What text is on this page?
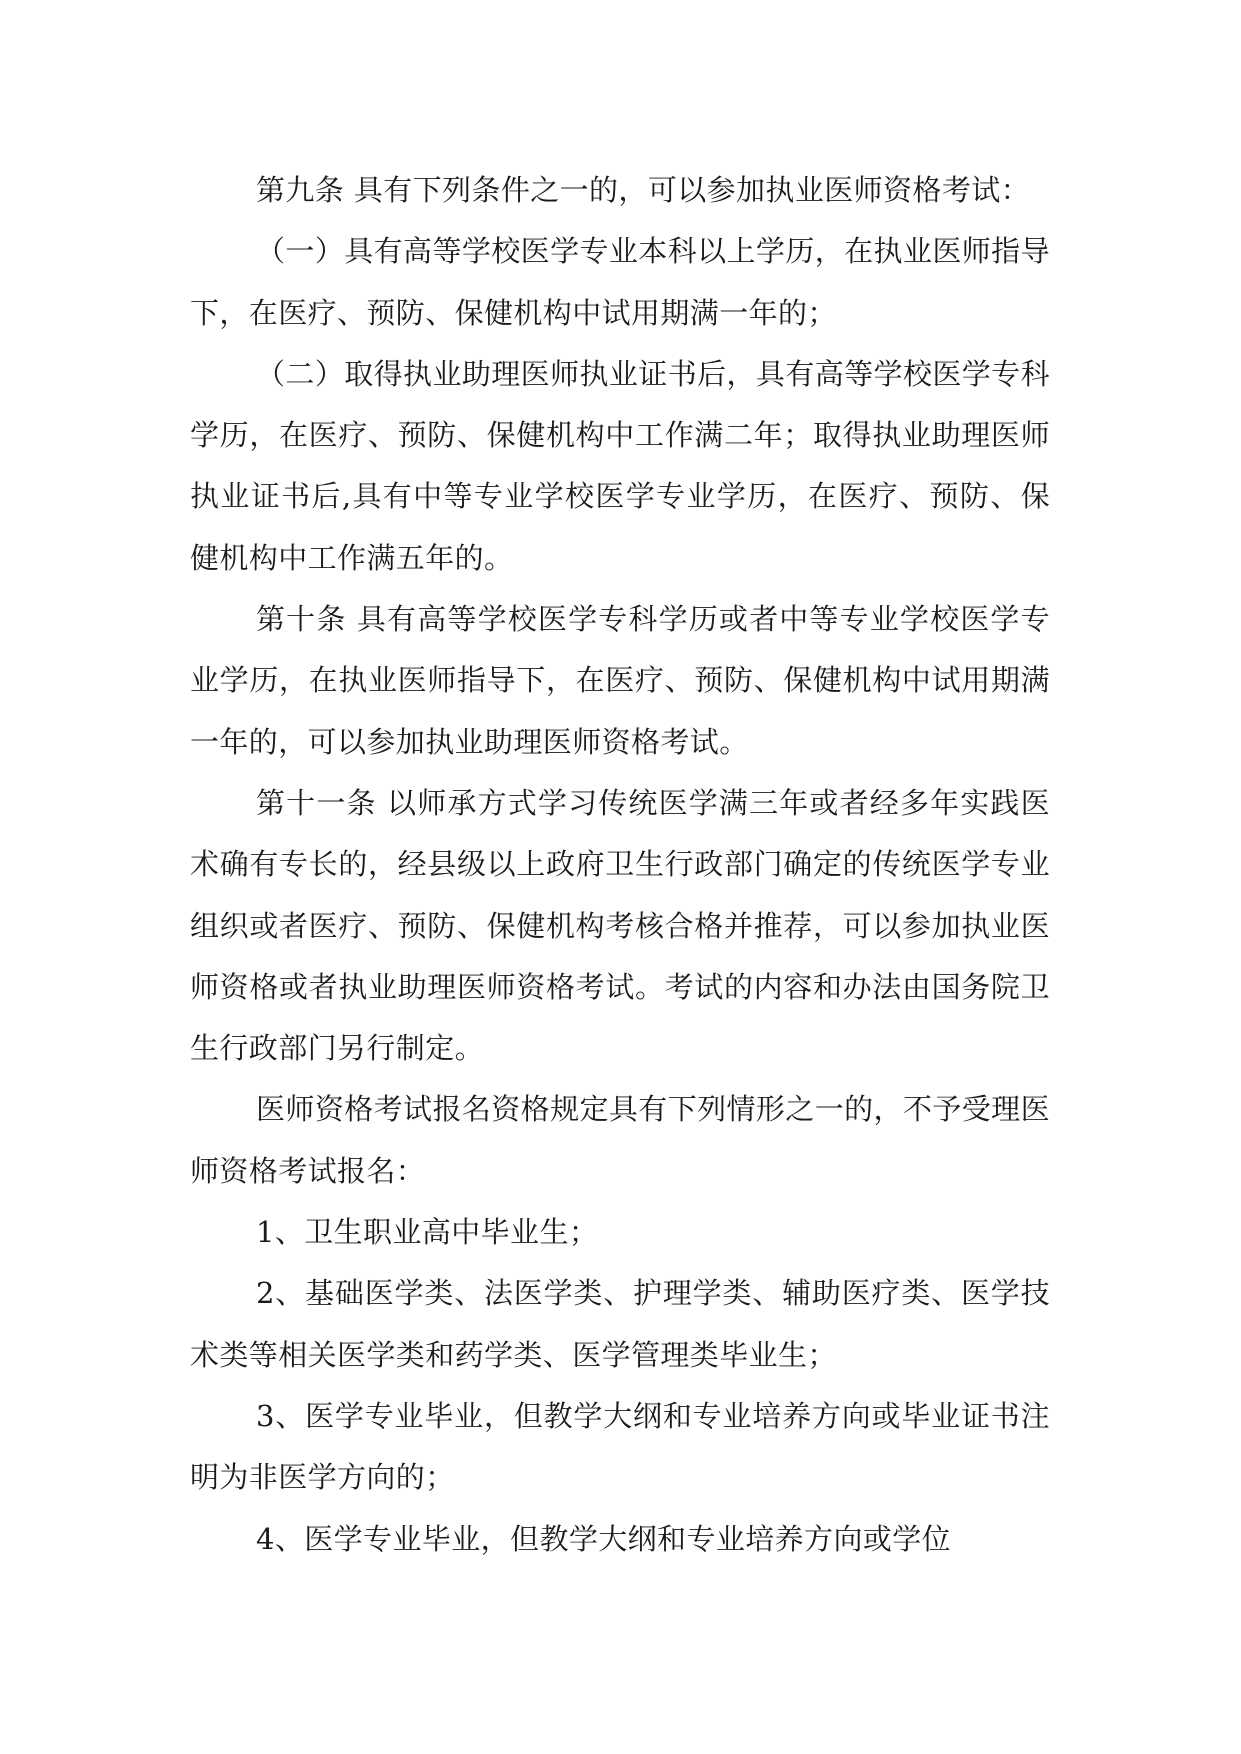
第九条 具有下列条件之一的，可以参加执业医师资格考试：

（一）具有高等学校医学专业本科以上学历，在执业医师指导下，在医疗、预防、保健机构中试用期满一年的；

（二）取得执业助理医师执业证书后，具有高等学校医学专科学历，在医疗、预防、保健机构中工作满二年；取得执业助理医师执业证书后,具有中等专业学校医学专业学历，在医疗、预防、保健机构中工作满五年的。

第十条 具有高等学校医学专科学历或者中等专业学校医学专业学历，在执业医师指导下，在医疗、预防、保健机构中试用期满一年的，可以参加执业助理医师资格考试。

第十一条 以师承方式学习传统医学满三年或者经多年实践医术确有专长的，经县级以上政府卫生行政部门确定的传统医学专业组织或者医疗、预防、保健机构考核合格并推荐，可以参加执业医师资格或者执业助理医师资格考试。考试的内容和办法由国务院卫生行政部门另行制定。

医师资格考试报名资格规定具有下列情形之一的，不予受理医师资格考试报名：

1、卫生职业高中毕业生；

2、基础医学类、法医学类、护理学类、辅助医疗类、医学技术类等相关医学类和药学类、医学管理类毕业生；

3、医学专业毕业，但教学大纲和专业培养方向或毕业证书注明为非医学方向的；

4、医学专业毕业，但教学大纲和专业培养方向或学位
